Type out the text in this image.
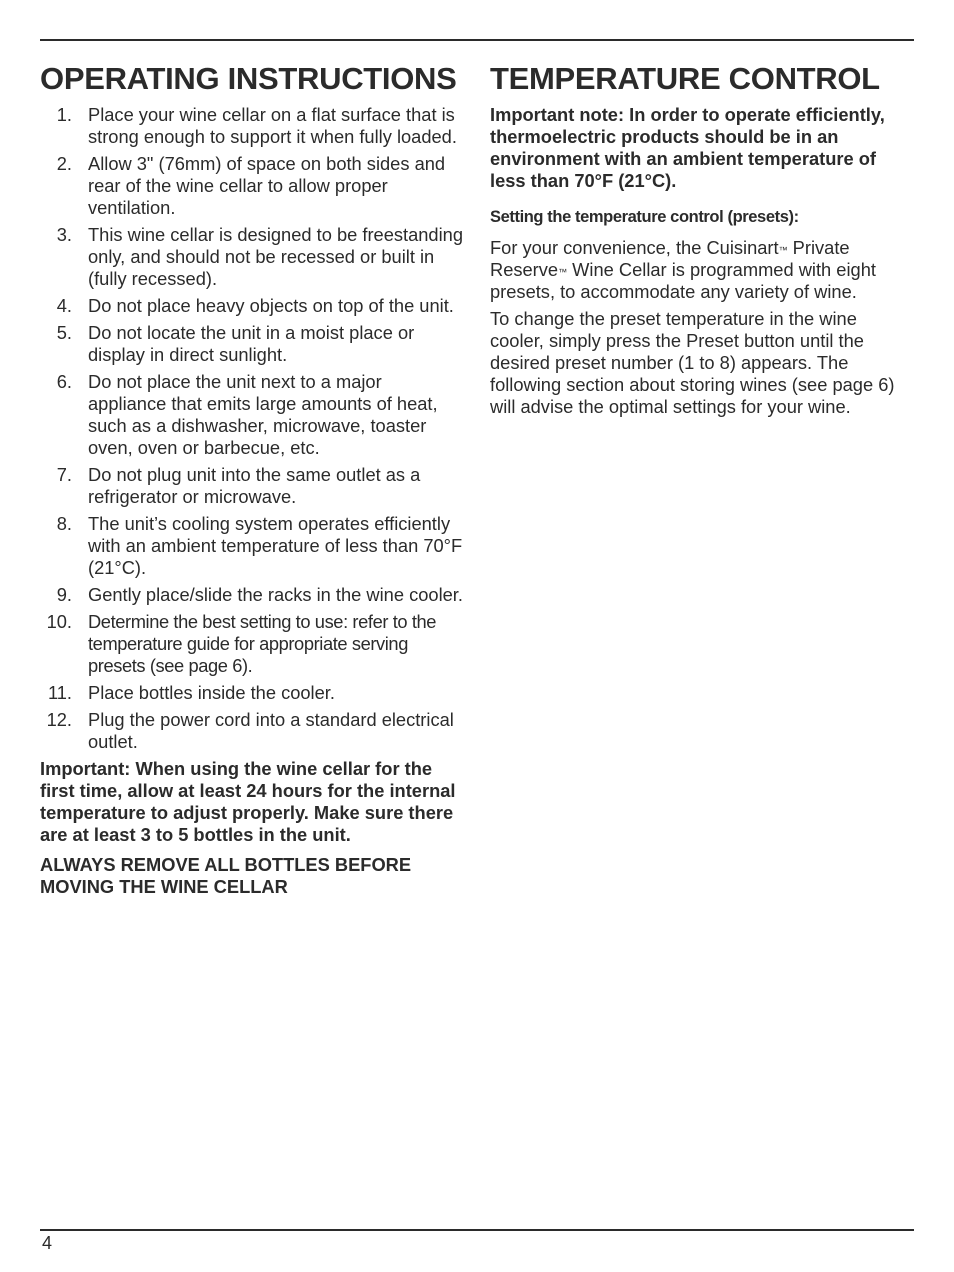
OPERATING INSTRUCTIONS
1. Place your wine cellar on a flat surface that is strong enough to support it when fully loaded.
2. Allow 3" (76mm) of space on both sides and rear of the wine cellar to allow proper ventilation.
3. This wine cellar is designed to be freestanding only, and should not be recessed or built in (fully recessed).
4. Do not place heavy objects on top of the unit.
5. Do not locate the unit in a moist place or display in direct sunlight.
6. Do not place the unit next to a major appliance that emits large amounts of heat, such as a dishwasher, microwave, toaster oven, oven or barbecue, etc.
7. Do not plug unit into the same outlet as a refrigerator or microwave.
8. The unit’s cooling system operates efficiently with an ambient temperature of less than 70°F (21°C).
9. Gently place/slide the racks in the wine cooler.
10. Determine the best setting to use: refer to the temperature guide for appropriate serving presets (see page 6).
11. Place bottles inside the cooler.
12. Plug the power cord into a standard electrical outlet.

Important: When using the wine cellar for the first time, allow at least 24 hours for the internal temperature to adjust properly. Make sure there are at least 3 to 5 bottles in the unit.

ALWAYS REMOVE ALL BOTTLES BEFORE MOVING THE WINE CELLAR

TEMPERATURE CONTROL

Important note: In order to operate efficiently, thermoelectric products should be in an environment with an ambient temperature of less than 70°F (21°C).

Setting the temperature control (presets):

For your convenience, the Cuisinart™ Private Reserve™ Wine Cellar is programmed with eight presets, to accommodate any variety of wine.

To change the preset temperature in the wine cooler, simply press the Preset button until the desired preset number (1 to 8) appears. The following section about storing wines (see page 6) will advise the optimal settings for your wine.

4
